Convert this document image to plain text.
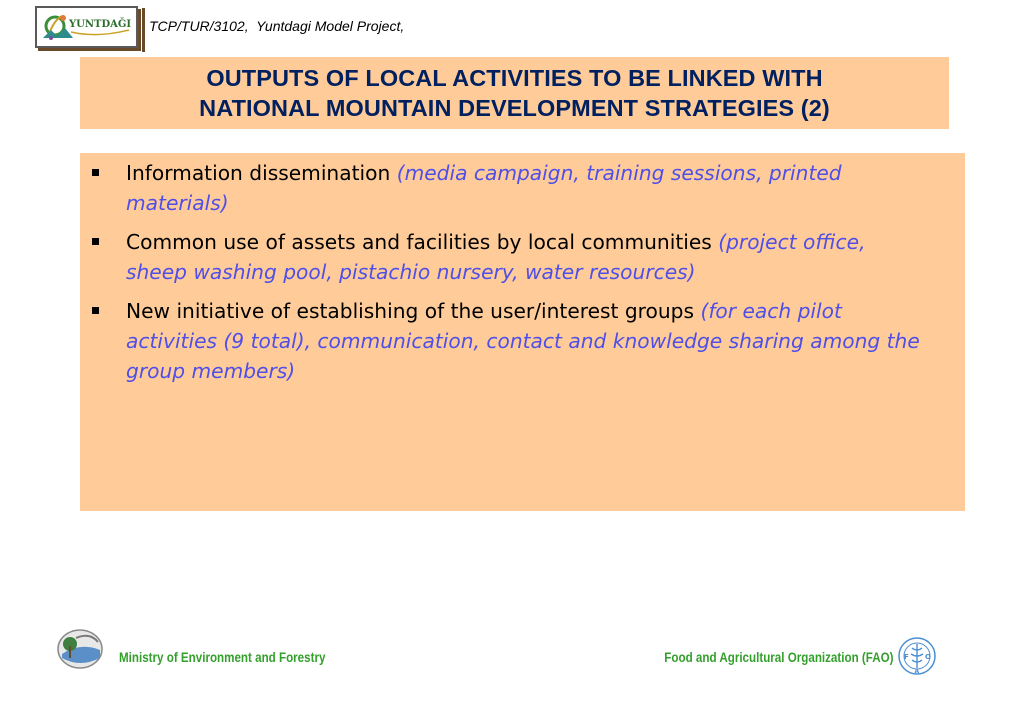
YUNTDAĞI TCP/TUR/3102,  Yuntdagi Model Project,
OUTPUTS OF LOCAL ACTIVITIES TO BE LINKED WITH
NATIONAL MOUNTAIN DEVELOPMENT STRATEGIES (2)
Information dissemination (media campaign, training sessions, printed materials)
Common use of assets and facilities by local communities (project office, sheep washing pool, pistachio nursery, water resources)
New initiative of establishing of the user/interest groups (for each pilot activities (9 total), communication, contact and knowledge sharing among the group members)
Ministry of Environment and Forestry	Food and Agricultural Organization (FAO) F O
A
